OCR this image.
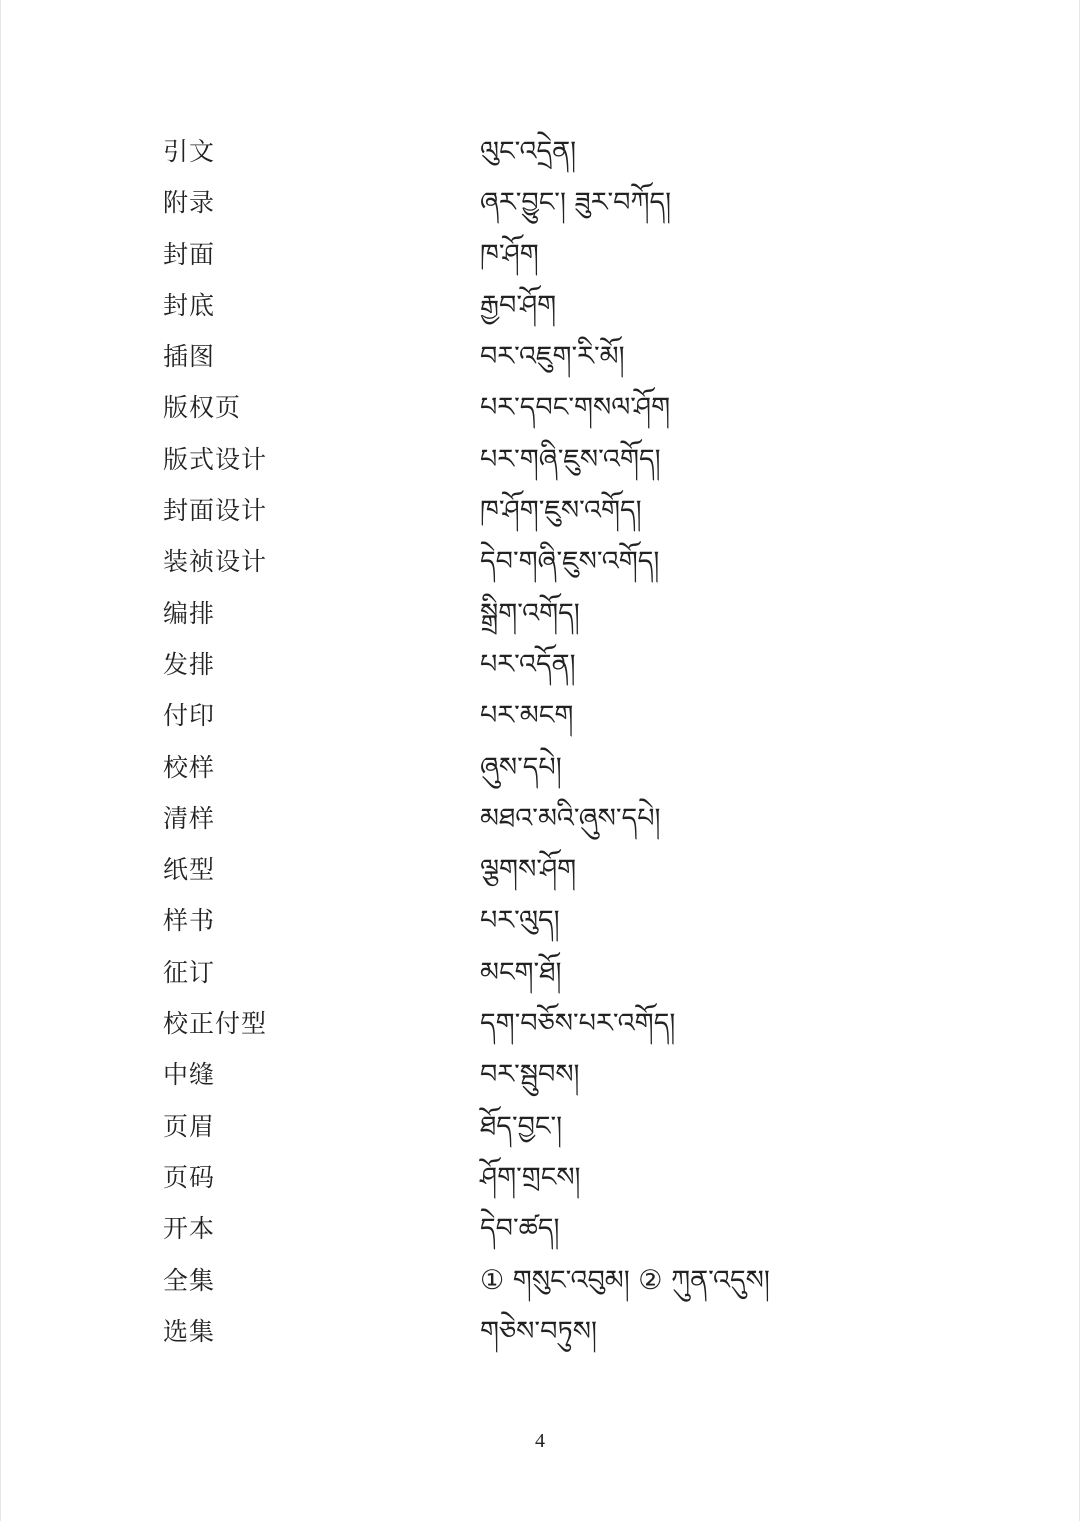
引文	ལུང་འདྲེན།
附录	ཞར་བྱུང་། ཟུར་བཀོད།
封面	ཁ་ཤོག
封底	རྒྱབ་ཤོག
插图	བར་འཇུག་རི་མོ།
版权页	པར་དབང་གསལ་ཤོག
版式设计	པར་གཞི་ཇུས་འགོད།
封面设计	ཁ་ཤོག་ཇུས་འགོད།
装祯设计	དེབ་གཞི་ཇུས་འགོད།
编排	སྒྲིག་འགོད།
发排	པར་འདོན།
付印	པར་མངག
校样	ཞུས་དཔེ།
清样	མཐའ་མའི་ཞུས་དཔེ།
纸型	ལྕགས་ཤོག
样书	པར་ལུད།
征订	མངག་ཐོ།
校正付型	དག་བཅོས་པར་འགོད།
中缝	བར་སྦུབས།
页眉	ཐོད་བྱང་།
页码	ཤོག་གྲངས།
开本	དེབ་ཚད།
全集	① གསུང་འབུམ། ② ཀུན་འདུས།
选集	གཅེས་བཏུས།
4
